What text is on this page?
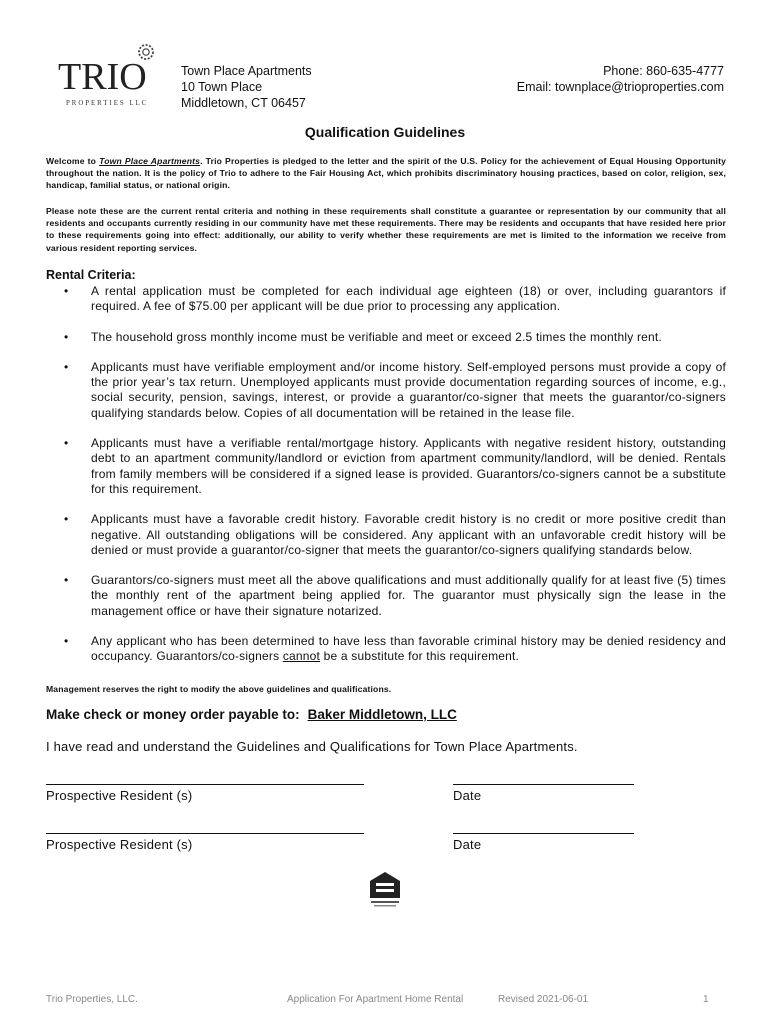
TRIO
PROPERTIES LLC
Town Place Apartments
10 Town Place
Middletown, CT 06457
Phone: 860-635-4777
Email: townplace@trioproperties.com
Qualification Guidelines
Welcome to Town Place Apartments. Trio Properties is pledged to the letter and the spirit of the U.S. Policy for the achievement of Equal Housing Opportunity throughout the nation. It is the policy of Trio to adhere to the Fair Housing Act, which prohibits discriminatory housing practices, based on color, religion, sex, handicap, familial status, or national origin.
Please note these are the current rental criteria and nothing in these requirements shall constitute a guarantee or representation by our community that all residents and occupants currently residing in our community have met these requirements. There may be residents and occupants that have resided here prior to these requirements going into effect: additionally, our ability to verify whether these requirements are met is limited to the information we receive from various resident reporting services.
Rental Criteria:
• A rental application must be completed for each individual age eighteen (18) or over, including guarantors if required. A fee of $75.00 per applicant will be due prior to processing any application.
• The household gross monthly income must be verifiable and meet or exceed 2.5 times the monthly rent.
• Applicants must have verifiable employment and/or income history. Self-employed persons must provide a copy of the prior year’s tax return. Unemployed applicants must provide documentation regarding sources of income, e.g., social security, pension, savings, interest, or provide a guarantor/co-signer that meets the guarantor/co-signers qualifying standards below. Copies of all documentation will be retained in the lease file.
• Applicants must have a verifiable rental/mortgage history. Applicants with negative resident history, outstanding debt to an apartment community/landlord or eviction from apartment community/landlord, will be denied. Rentals from family members will be considered if a signed lease is provided. Guarantors/co-signers cannot be a substitute for this requirement.
• Applicants must have a favorable credit history. Favorable credit history is no credit or more positive credit than negative. All outstanding obligations will be considered. Any applicant with an unfavorable credit history will be denied or must provide a guarantor/co-signer that meets the guarantor/co-signers qualifying standards below.
• Guarantors/co-signers must meet all the above qualifications and must additionally qualify for at least five (5) times the monthly rent of the apartment being applied for. The guarantor must physically sign the lease in the management office or have their signature notarized.
• Any applicant who has been determined to have less than favorable criminal history may be denied residency and occupancy. Guarantors/co-signers cannot be a substitute for this requirement.
Management reserves the right to modify the above guidelines and qualifications.
Make check or money order payable to: Baker Middletown, LLC
I have read and understand the Guidelines and Qualifications for Town Place Apartments.
Prospective Resident (s)	Date
Prospective Resident (s)	Date
Trio Properties, LLC.	Application For Apartment Home Rental	Revised 2021-06-01	1
